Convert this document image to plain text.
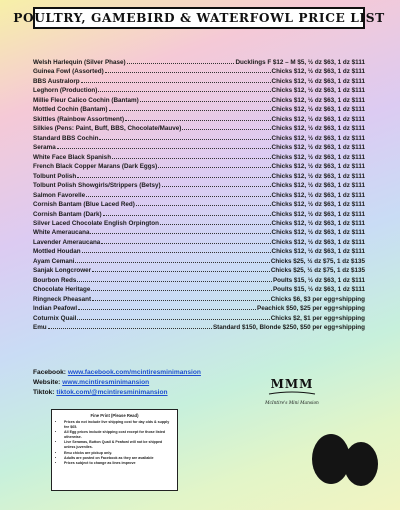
POULTRY, GAMEBIRD & WATERFOWL PRICE LIST
Welsh Harlequin (Silver Phase)	Ducklings F $12 – M $5, ½ dz $63, 1 dz $111
Guinea Fowl (Assorted)	Chicks $12, ½ dz $63, 1 dz $111
BBS Australorp	Chicks $12, ½ dz $63, 1 dz $111
Leghorn (Production)	Chicks $12, ½ dz $63, 1 dz $111
Millie Fleur Calico Cochin (Bantam)	Chicks $12, ½ dz $63, 1 dz $111
Mottled Cochin (Bantam)	Chicks $12, ½ dz $63, 1 dz $111
Skittles (Rainbow Assortment)	Chicks $12, ½ dz $63, 1 dz $111
Silkies (Pens: Paint, Buff, BBS, Chocolate/Mauve)	Chicks $12, ½ dz $63, 1 dz $111
Standard BBS Cochin	Chicks $12, ½ dz $63, 1 dz $111
Serama	Chicks $12, ½ dz $63, 1 dz $111
White Face Black Spanish	Chicks $12, ½ dz $63, 1 dz $111
French Black Copper Marans (Dark Eggs)	Chicks $12, ½ dz $63, 1 dz $111
Tolbunt Polish	Chicks $12, ½ dz $63, 1 dz $111
Tolbunt Polish Showgirls/Strippers (Betsy)	Chicks $12, ½ dz $63, 1 dz $111
Salmon Favorelle	Chicks $12, ½ dz $63, 1 dz $111
Cornish Bantam (Blue Laced Red)	Chicks $12, ½ dz $63, 1 dz $111
Cornish Bantam (Dark)	Chicks $12, ½ dz $63, 1 dz $111
Silver Laced Chocolate English Orpington	Chicks $12, ½ dz $63, 1 dz $111
White Ameraucana	Chicks $12, ½ dz $63, 1 dz $111
Lavender Ameraucana	Chicks $12, ½ dz $63, 1 dz $111
Mottled Houdan	Chicks $12, ½ dz $63, 1 dz $111
Ayam Cemani	Chicks $25, ½ dz $75, 1 dz $135
Sanjak Longcrower	Chicks $25, ½ dz $75, 1 dz $135
Bourbon Reds	Poults $15, ½ dz $63, 1 dz $111
Chocolate Heritage	Poults $15, ½ dz $63, 1 dz $111
Ringneck Pheasant	Chicks $6, $3 per egg+shipping
Indian Peafowl	Peachick $50, $25 per egg+shipping
Coturnix Quail	Chicks $2, $1 per egg+shipping
Emu	Standard $150, Blonde $250, $50 per egg+shipping
Facebook: www.facebook.com/mcintiresminimansion
Website: www.mcintiresminimansion
Tiktok: tiktok.com/@mcintiresminimansion
Fine Print (Please Read)
• Prices do not include live shipping cost for day olds & supply fee $65.
• All Egg prices include shipping cost except for those listed otherwise.
• Live Seramas, Button Quail & Peafowl will not be shipped unless juveniles.
• Emu chicks are pickup only.
• Adults are posted on Facebook as they are available
• Prices subject to change as lines improve
MMM
McIntire's Mini Mansion
